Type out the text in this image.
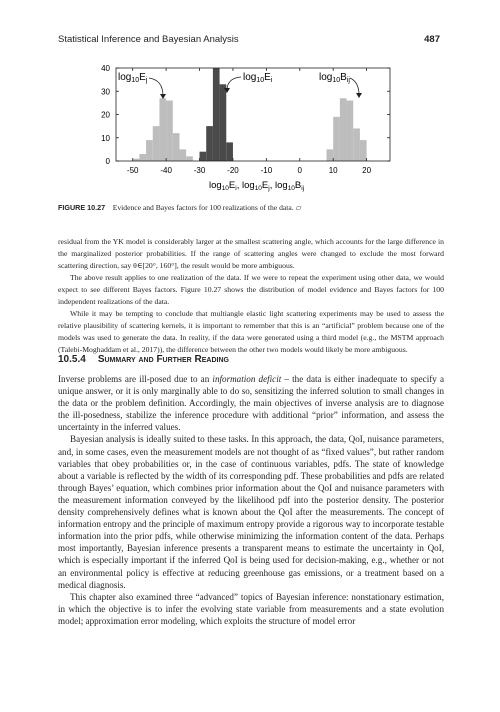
Statistical Inference and Bayesian Analysis	487
-50	-40	-30	-20	-10	0	10	20
0
10
20
30
40
$\log_{10}E_j$	$\log_{10}E_i$	$\log_{10}B_{ij}$
$\log_{10}E_i$, $\log_{10}E_j$, $\log_{10}B_{ij}$
FIGURE 10.27 Evidence and Bayes factors for 100 realizations of the data. ▱

residual from the YK model is considerably larger at the smallest scattering angle, which accounts for the large difference in the marginalized posterior probabilities. If the range of scattering angles were changed to exclude the most forward scattering direction, say θ∈[20°, 160°], the result would be more ambiguous.

The above result applies to one realization of the data. If we were to repeat the experiment using other data, we would expect to see different Bayes factors. Figure 10.27 shows the distribution of model evidence and Bayes factors for 100 independent realizations of the data.

While it may be tempting to conclude that multiangle elastic light scattering experiments may be used to assess the relative plausibility of scattering kernels, it is important to remember that this is an “artificial” problem because one of the models was used to generate the data. In reality, if the data were generated using a third model (e.g., the MSTM approach (Talebi-Moghaddam et al., 2017)), the difference between the other two models would likely be more ambiguous.

10.5.4 Summary and Further Reading

Inverse problems are ill-posed due to an information deficit – the data is either inadequate to specify a unique answer, or it is only marginally able to do so, sensitizing the inferred solution to small changes in the data or the problem definition. Accordingly, the main objectives of inverse analysis are to diagnose the ill-posedness, stabilize the inference procedure with additional “prior” information, and assess the uncertainty in the inferred values.

Bayesian analysis is ideally suited to these tasks. In this approach, the data, QoI, nuisance parameters, and, in some cases, even the measurement models are not thought of as “fixed values”, but rather random variables that obey probabilities or, in the case of continuous variables, pdfs. The state of knowledge about a variable is reflected by the width of its corresponding pdf. These probabilities and pdfs are related through Bayes’ equation, which combines prior information about the QoI and nuisance parameters with the measurement information conveyed by the likelihood pdf into the posterior density. The posterior density comprehensively defines what is known about the QoI after the measurements. The concept of information entropy and the principle of maximum entropy provide a rigorous way to incorporate testable information into the prior pdfs, while otherwise minimizing the information content of the data. Perhaps most importantly, Bayesian inference presents a transparent means to estimate the uncertainty in QoI, which is especially important if the inferred QoI is being used for decision-making, e.g., whether or not an environmental policy is effective at reducing greenhouse gas emissions, or a treatment based on a medical diagnosis.

This chapter also examined three “advanced” topics of Bayesian inference: nonstationary estimation, in which the objective is to infer the evolving state variable from measurements and a state evolution model; approximation error modeling, which exploits the structure of model error
